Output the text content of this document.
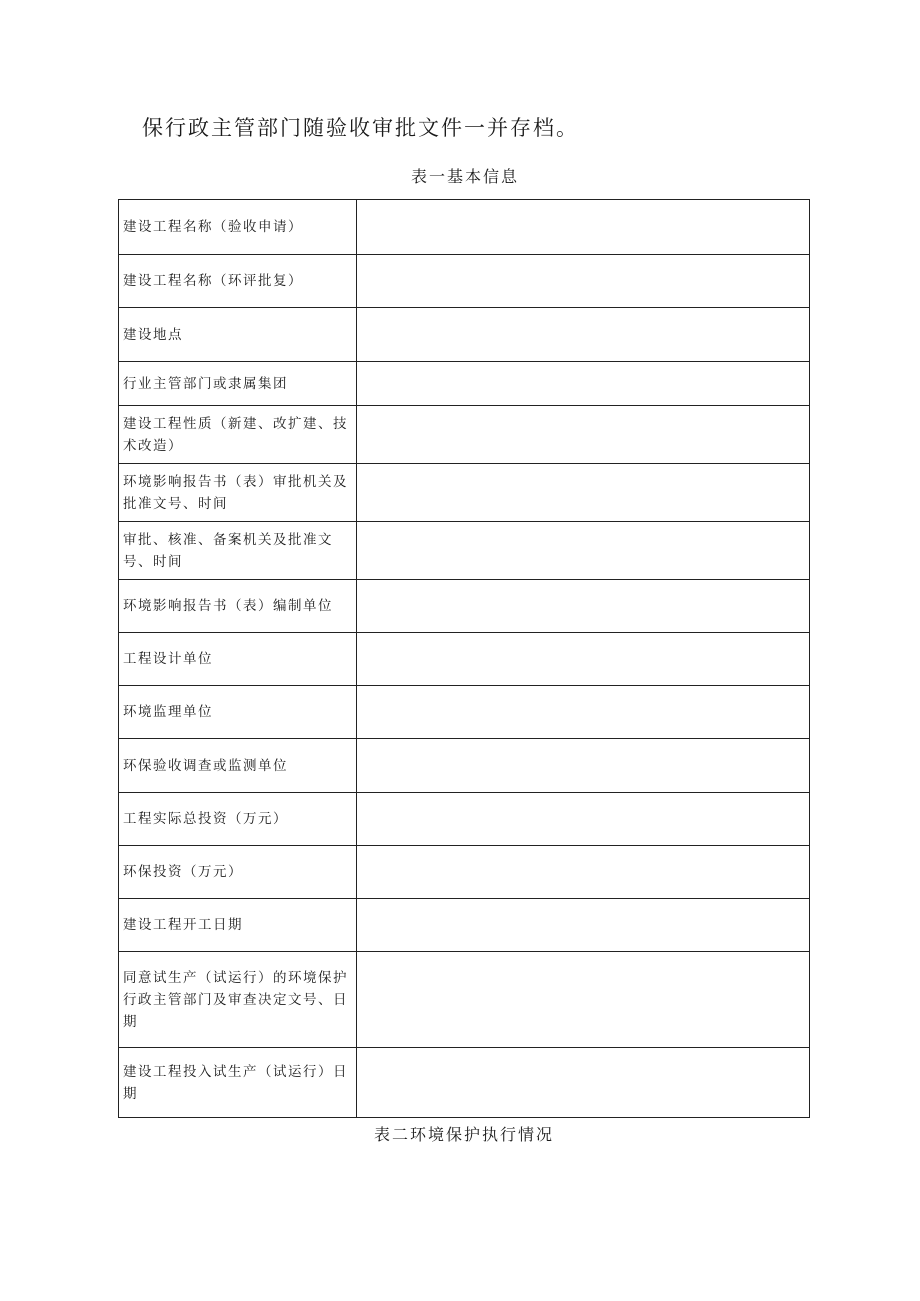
保行政主管部门随验收审批文件一并存档。

表一基本信息

建设工程名称（验收申请）	
建设工程名称（环评批复）	
建设地点	
行业主管部门或隶属集团	
建设工程性质（新建、改扩建、技术改造）	
环境影响报告书（表）审批机关及批准文号、时间	
审批、核准、备案机关及批准文号、时间	
环境影响报告书（表）编制单位	
工程设计单位	
环境监理单位	
环保验收调查或监测单位	
工程实际总投资（万元）	
环保投资（万元）	
建设工程开工日期	
同意试生产（试运行）的环境保护行政主管部门及审查决定文号、日期	
建设工程投入试生产（试运行）日期	

表二环境保护执行情况
